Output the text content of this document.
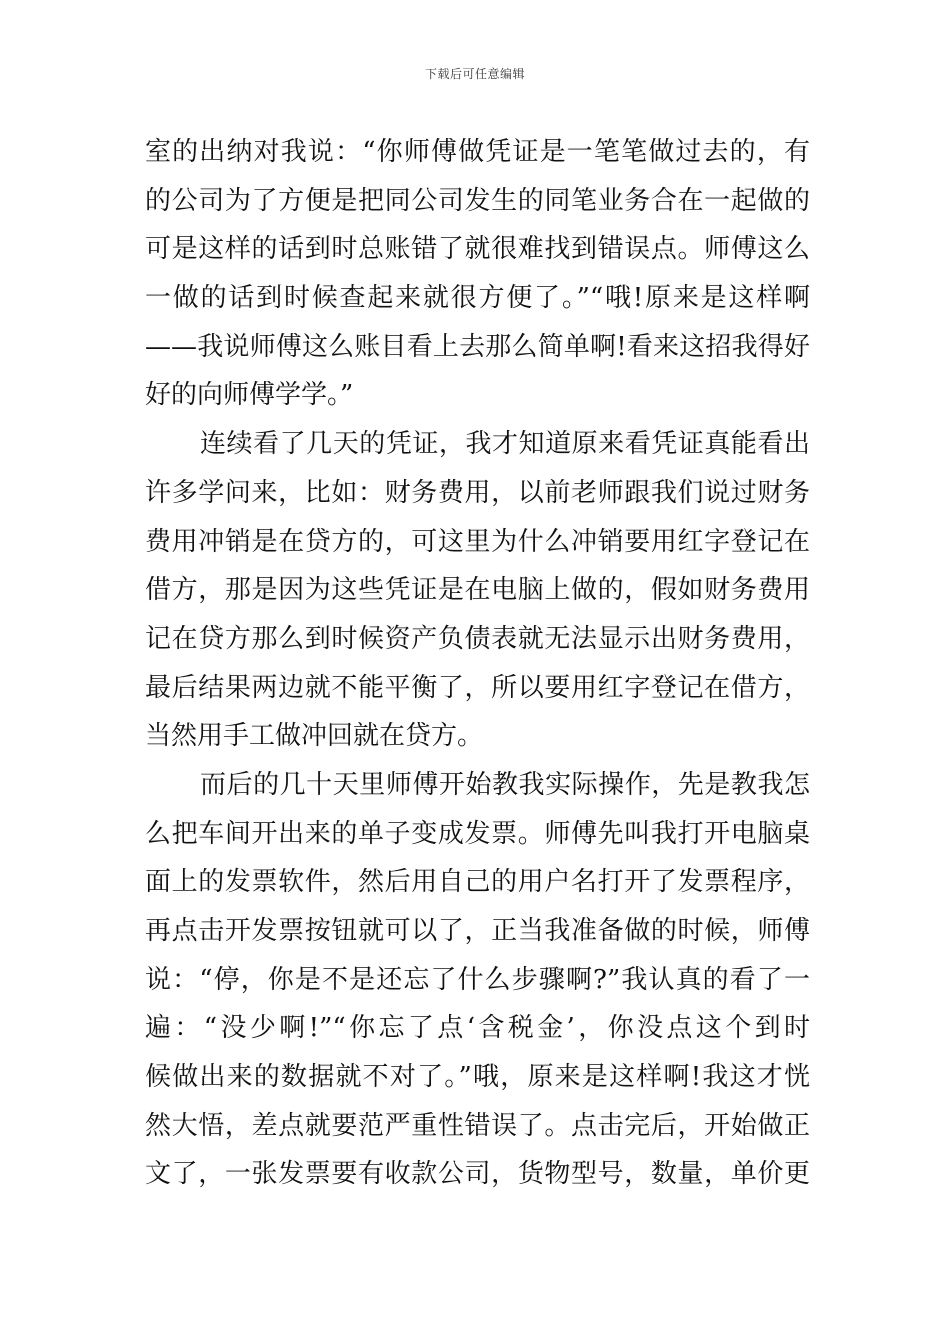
下载后可任意编辑
室的出纳对我说：“你师傅做凭证是一笔笔做过去的，有
的公司为了方便是把同公司发生的同笔业务合在一起做的
可是这样的话到时总账错了就很难找到错误点。师傅这么
一做的话到时候查起来就很方便了。”“哦!原来是这样啊
——我说师傅这么账目看上去那么简单啊!看来这招我得好
好的向师傅学学。”
连续看了几天的凭证，我才知道原来看凭证真能看出
许多学问来，比如：财务费用，以前老师跟我们说过财务
费用冲销是在贷方的，可这里为什么冲销要用红字登记在
借方，那是因为这些凭证是在电脑上做的，假如财务费用
记在贷方那么到时候资产负债表就无法显示出财务费用，
最后结果两边就不能平衡了，所以要用红字登记在借方，
当然用手工做冲回就在贷方。
而后的几十天里师傅开始教我实际操作，先是教我怎
么把车间开出来的单子变成发票。师傅先叫我打开电脑桌
面上的发票软件，然后用自己的用户名打开了发票程序，
再点击开发票按钮就可以了，正当我准备做的时候，师傅
说：“停，你是不是还忘了什么步骤啊?”我认真的看了一
遍：“没少啊!”“你忘了点‘含税金’，你没点这个到时
候做出来的数据就不对了。”哦，原来是这样啊!我这才恍
然大悟，差点就要范严重性错误了。点击完后，开始做正
文了，一张发票要有收款公司，货物型号，数量，单价更
